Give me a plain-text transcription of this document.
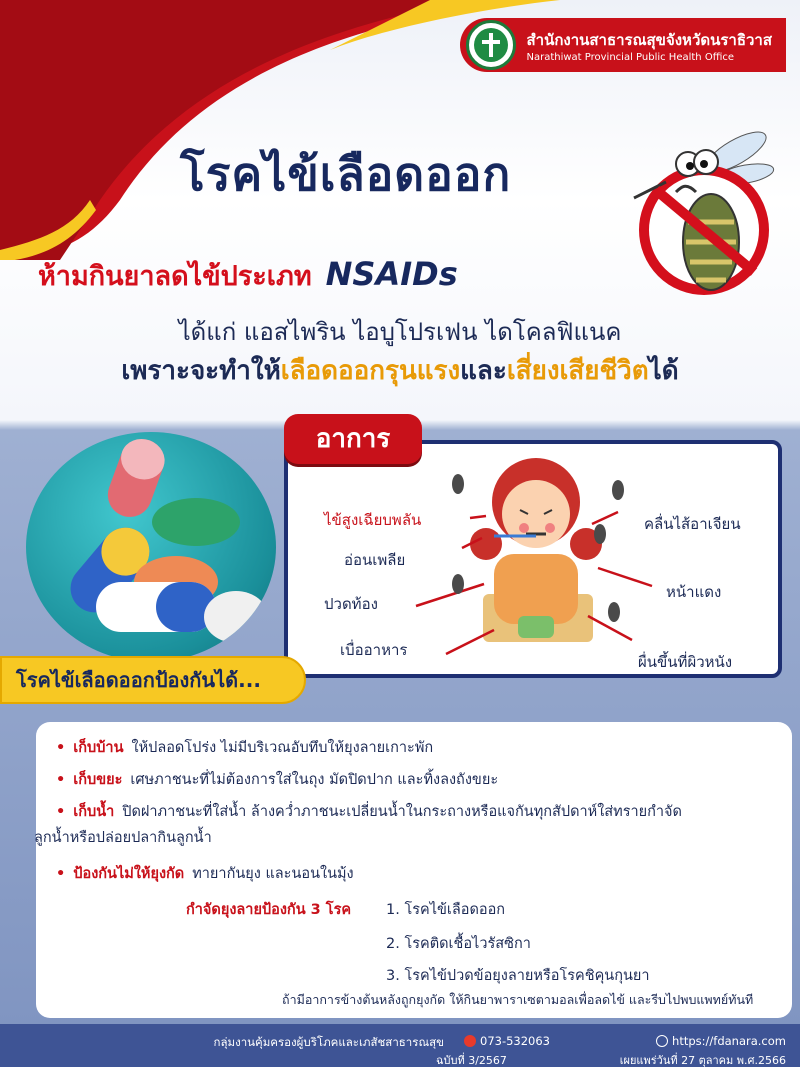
สำนักงานสาธารณสุขจังหวัดนราธิวาส
Narathiwat Provincial Public Health Office
โรคไข้เลือดออก
ห้ามกินยาลดไข้ประเภท NSAIDs
ได้แก่ แอสไพริน ไอบูโปรเฟน ไดโคลฟิแนค
เพราะจะทำให้เลือดออกรุนแรงและเสี่ยงเสียชีวิตได้
ไข้สูงเฉียบพลัน
อ่อนเพลีย
ปวดท้อง
เบื่ออาหาร
คลื่นไส้อาเจียน
หน้าแดง
ผื่นขึ้นที่ผิวหนัง
อาการ
โรคไข้เลือดออกป้องกันได้...
• เก็บบ้าน ให้ปลอดโปร่ง ไม่มีบริเวณอับทึบให้ยุงลายเกาะพัก
• เก็บขยะ เศษภาชนะที่ไม่ต้องการใส่ในถุง มัดปิดปาก และทิ้งลงถังขยะ
• เก็บน้ำ ปิดฝาภาชนะที่ใส่น้ำ ล้างคว่ำภาชนะเปลี่ยนน้ำในกระถางหรือแจกันทุกสัปดาห์ใส่ทรายกำจัด
ลูกน้ำหรือปล่อยปลากินลูกน้ำ
• ป้องกันไม่ให้ยุงกัด ทายากันยุง และนอนในมุ้ง
กำจัดยุงลายป้องกัน 3 โรค 1. โรคไข้เลือดออก
2. โรคติดเชื้อไวรัสซิกา
3. โรคไข้ปวดข้อยุงลายหรือโรคชิคุนกุนยา
ถ้ามีอาการข้างต้นหลังถูกยุงกัด ให้กินยาพาราเซตามอลเพื่อลดไข้ และรีบไปพบแพทย์ทันที
กลุ่มงานคุ้มครองผู้บริโภคและเภสัชสาธารณสุข	073-532063	https://fdanara.com
ฉบับที่ 3/2567	เผยแพร่วันที่ 27 ตุลาคม พ.ศ.2566
